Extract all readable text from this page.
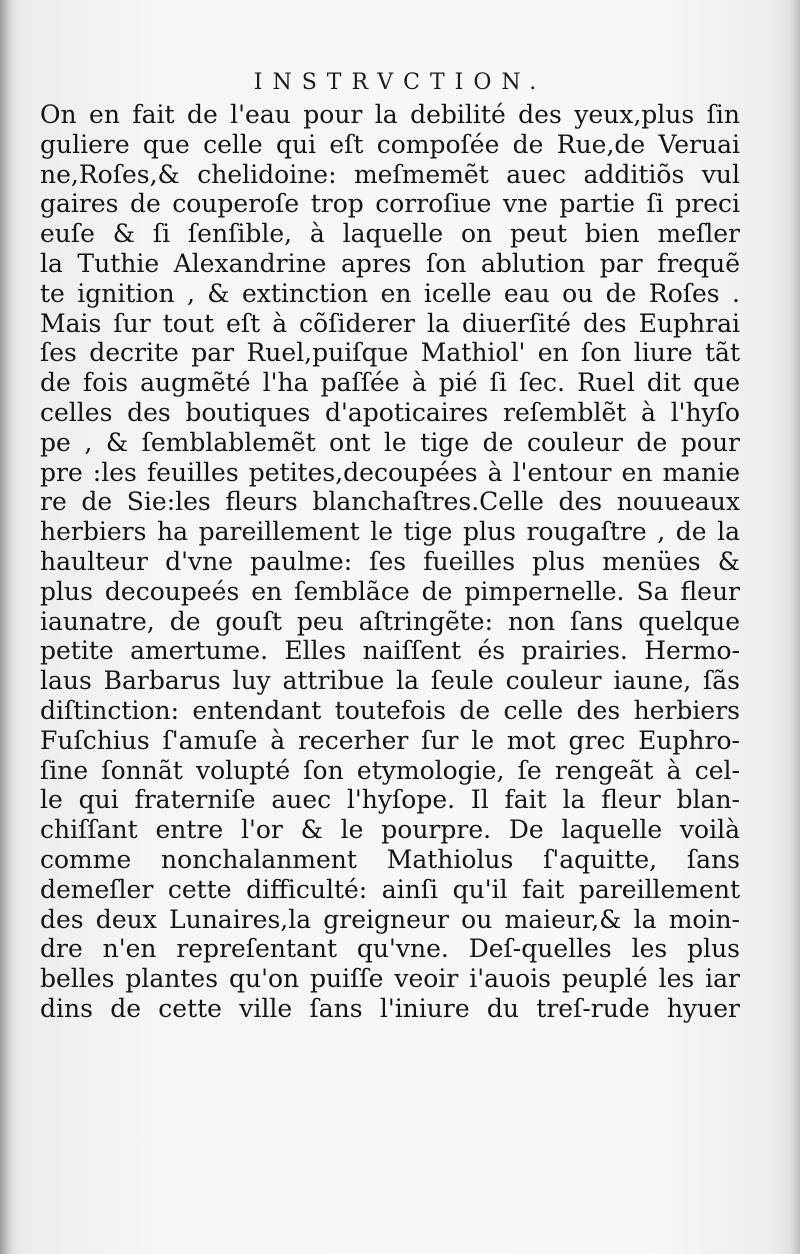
INSTRVCTION.
On en fait de l'eau pour la debilité des yeux,plus ſin
guliere que celle qui eſt compoſée de Rue,de Veruai
ne,Roſes,& chelidoine: meſmemẽt auec additiõs vul
gaires de couperoſe trop corroſiue vne partie ſi preci
euſe & ſi ſenſible, à laquelle on peut bien meſler
la Tuthie Alexandrine apres ſon ablution par frequẽ
te ignition , & extinction en icelle eau ou de Roſes .
Mais ſur tout eſt à cõſiderer la diuerſité des Euphrai
ſes decrite par Ruel,puiſque Mathiol' en ſon liure tãt
de fois augmẽté l'ha paſſée à pié ſi ſec. Ruel dit que
celles des boutiques d'apoticaires reſemblẽt à l'hyſo
pe , & ſemblablemẽt ont le tige de couleur de pour
pre :les feuilles petites,decoupées à l'entour en manie
re de Sie:les fleurs blanchaſtres.Celle des nouueaux
herbiers ha pareillement le tige plus rougaſtre , de la
haulteur d'vne paulme: ſes fueilles plus menües &
plus decoupeés en ſemblãce de pimpernelle. Sa fleur
iaunatre, de gouſt peu aſtringẽte: non ſans quelque
petite amertume. Elles naiſſent és prairies. Hermo-
laus Barbarus luy attribue la ſeule couleur iaune, ſãs
diſtinction: entendant toutefois de celle des herbiers
Fuſchius ſ'amuſe à recerher ſur le mot grec Euphro-
ſine ſonnãt volupté ſon etymologie, ſe rengeãt à cel-
le qui fraterniſe auec l'hyſope. Il fait la fleur blan-
chiſſant entre l'or & le pourpre. De laquelle voilà
comme nonchalanment Mathiolus ſ'aquitte, ſans
demeſler cette difficulté: ainſi qu'il fait pareillement
des deux Lunaires,la greigneur ou maieur,& la moin-
dre n'en repreſentant qu'vne. Deſ-quelles les plus
belles plantes qu'on puiſſe veoir i'auois peuplé les iar
dins de cette ville ſans l'iniure du treſ-rude hyuer
